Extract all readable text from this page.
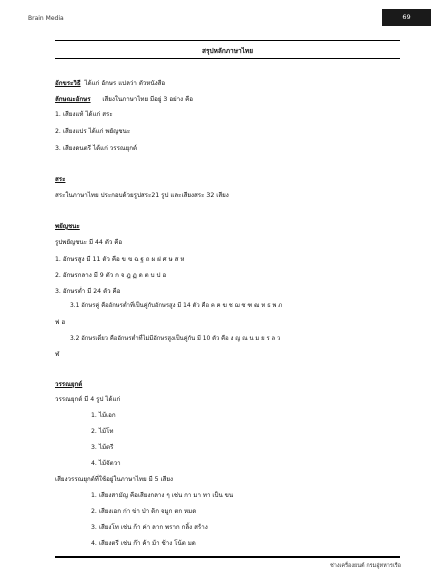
Brain Media	69
สรุปหลักภาษาไทย
อักขระวิธี ได้แก่ อักษร แปลว่า ตัวหนังสือ
ลักษณะอักษร เสียงในภาษาไทย มีอยู่ 3 อย่าง คือ
1. เสียงแท้ ได้แก่ สระ
2. เสียงแปร ได้แก่ พยัญชนะ
3. เสียงดนตรี ได้แก่ วรรณยุกต์
สระ
สระในภาษาไทย ประกอบด้วยรูปสระ21 รูป และเสียงสระ 32 เสียง
พยัญชนะ
รูปพยัญชนะ มี 44 ตัว คือ
1. อักษรสูง มี 11 ตัว คือ ข ฃ ฉ ฐ ถ ผ ฝ ศ ษ ส ห
2. อักษรกลาง มี 9 ตัว ก จ ฎ ฏ ด ต บ ป อ
3. อักษรต่ำ มี 24 ตัว คือ
3.1 อักษรคู่ คืออักษรต่ำที่เป็นคู่กับอักษรสูง มี 14 ตัว คือ ค ฅ ฆ ช ฌ ซ ฑ ฒ ท ธ พ ภ
ฟ ฮ
3.2 อักษรเดี่ยว คืออักษรต่ำที่ไม่มีอักษรสูงเป็นคู่กัน มี 10 ตัว คือ ง ญ ณ น ม ย ร ล ว
ฬ
วรรณยุกต์
วรรณยุกต์ มี 4 รูป ได้แก่
1. ไม้เอก
2. ไม้โท
3. ไม้ตรี
4. ไม้จัตวา
เสียงวรรณยุกต์ที่ใช้อยู่ในภาษาไทย มี 5 เสียง
1. เสียงสามัญ คือเสียงกลาง ๆ เช่น กา มา ทา เป็น ขน
2. เสียงเอก ก่า ข่า ป่า ดิก จมูก ตก หมด
3. เสียงโท เช่น ก้า ค่า ลาก พราก กลิ้ง สร้าง
4. เสียงตรี เช่น ก๊า ค้า ม้า ช้าง โน้ต มด
ช่างเครื่องยนต์ กรมอู่ทหารเรือ
